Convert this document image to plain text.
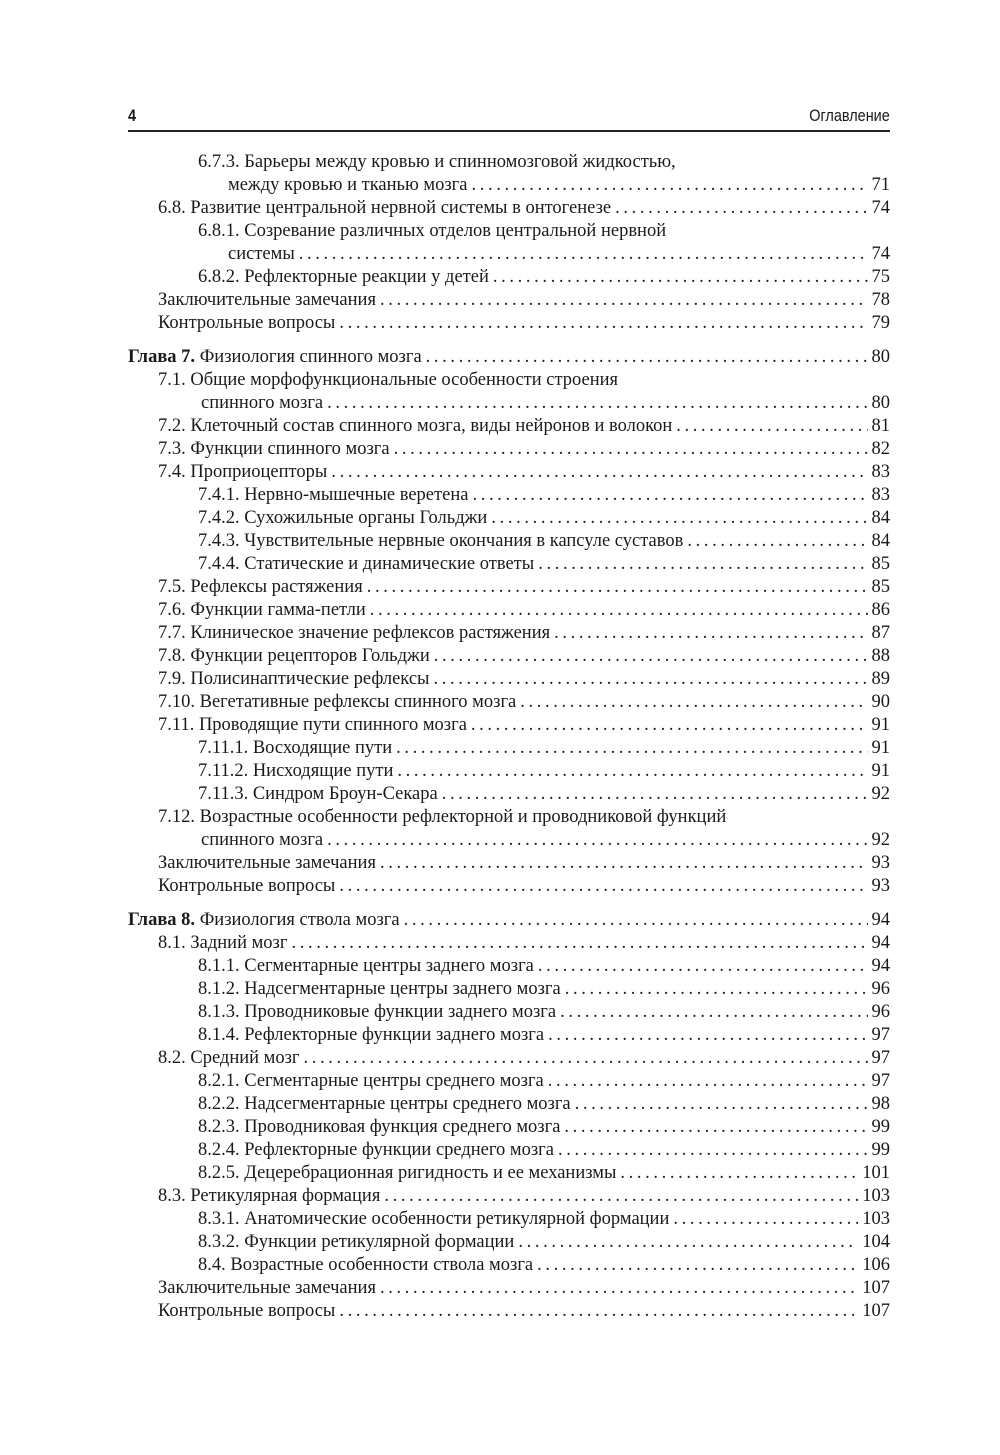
4	Оглавление
6.7.3. Барьеры между кровью и спинномозговой жидкостью,
между кровью и тканью мозга . . .	71
6.8. Развитие центральной нервной системы в онтогенезе . . .	74
6.8.1. Созревание различных отделов центральной нервной
системы . . .	74
6.8.2. Рефлекторные реакции у детей . . .	75
Заключительные замечания . . .	78
Контрольные вопросы . . .	79
Глава 7. Физиология спинного мозга . . .	80
7.1. Общие морфофункциональные особенности строения
спинного мозга . . .	80
7.2. Клеточный состав спинного мозга, виды нейронов и волокон . . .	81
7.3. Функции спинного мозга . . .	82
7.4. Проприоцепторы . . .	83
7.4.1. Нервно-мышечные веретена . . .	83
7.4.2. Сухожильные органы Гольджи . . .	84
7.4.3. Чувствительные нервные окончания в капсуле суставов . . .	84
7.4.4. Статические и динамические ответы . . .	85
7.5. Рефлексы растяжения . . .	85
7.6. Функции гамма-петли . . .	86
7.7. Клиническое значение рефлексов растяжения . . .	87
7.8. Функции рецепторов Гольджи . . .	88
7.9. Полисинаптические рефлексы . . .	89
7.10. Вегетативные рефлексы спинного мозга . . .	90
7.11. Проводящие пути спинного мозга . . .	91
7.11.1. Восходящие пути . . .	91
7.11.2. Нисходящие пути . . .	91
7.11.3. Синдром Броун-Секара . . .	92
7.12. Возрастные особенности рефлекторной и проводниковой функций
спинного мозга . . .	92
Заключительные замечания . . .	93
Контрольные вопросы . . .	93
Глава 8. Физиология ствола мозга . . .	94
8.1. Задний мозг . . .	94
8.1.1. Сегментарные центры заднего мозга . . .	94
8.1.2. Надсегментарные центры заднего мозга . . .	96
8.1.3. Проводниковые функции заднего мозга . . .	96
8.1.4. Рефлекторные функции заднего мозга . . .	97
8.2. Средний мозг . . .	97
8.2.1. Сегментарные центры среднего мозга . . .	97
8.2.2. Надсегментарные центры среднего мозга . . .	98
8.2.3. Проводниковая функция среднего мозга . . .	99
8.2.4. Рефлекторные функции среднего мозга . . .	99
8.2.5. Децеребрационная ригидность и ее механизмы . . .	101
8.3. Ретикулярная формация . . .	103
8.3.1. Анатомические особенности ретикулярной формации . . .	103
8.3.2. Функции ретикулярной формации . . .	104
8.4. Возрастные особенности ствола мозга . . .	106
Заключительные замечания . . .	107
Контрольные вопросы . . .	107
